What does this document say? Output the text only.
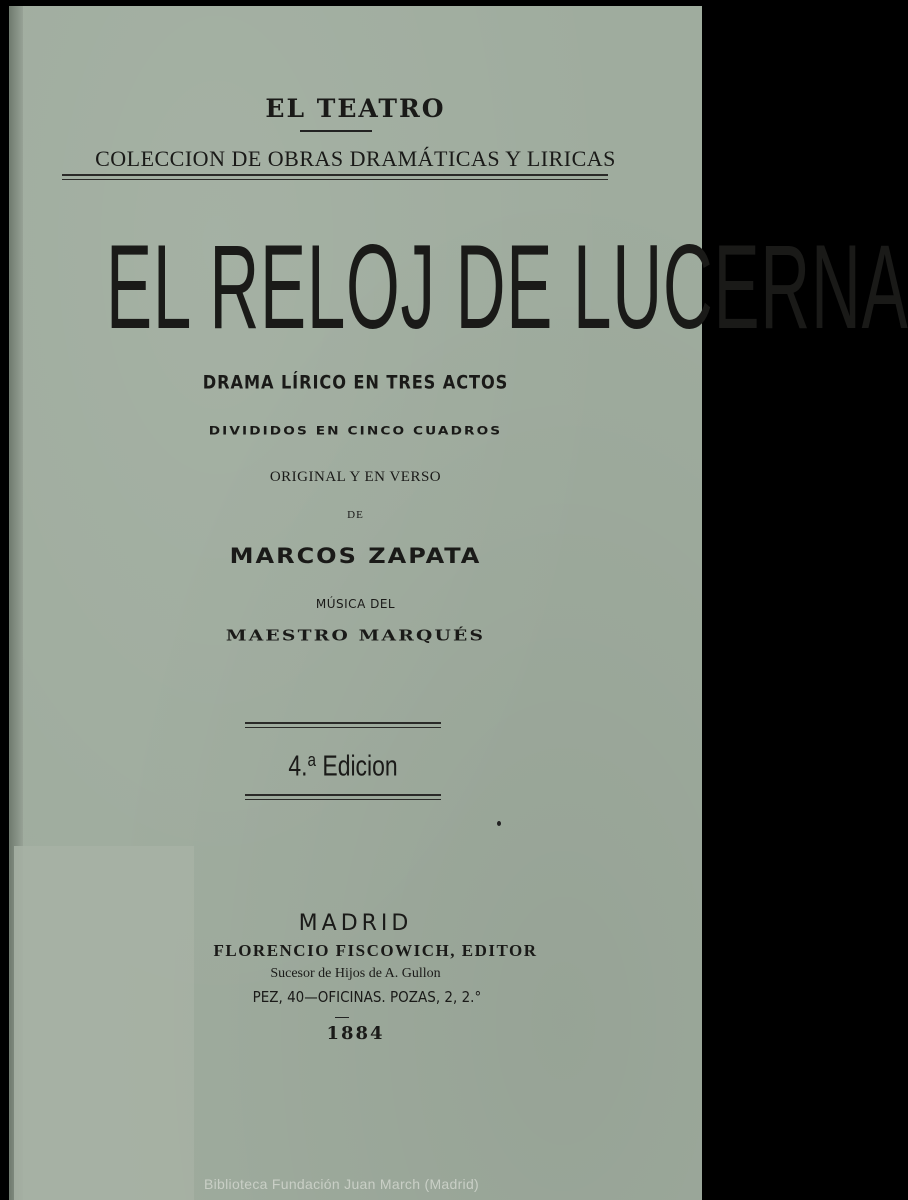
EL TEATRO
COLECCION DE OBRAS DRAMÁTICAS Y LIRICAS
EL RELOJ DE LUCERNA
DRAMA LÍRICO EN TRES ACTOS
DIVIDIDOS EN CINCO CUADROS
ORIGINAL Y EN VERSO
DE
MARCOS ZAPATA
MÚSICA DEL
MAESTRO MARQUÉS
4.$^a$ Edicion
MADRID
FLORENCIO FISCOWICH, EDITOR
Sucesor de Hijos de A. Gullon
PEZ, 40—OFICINAS. POZAS, 2, 2.°
1884
Biblioteca Fundación Juan March (Madrid)
